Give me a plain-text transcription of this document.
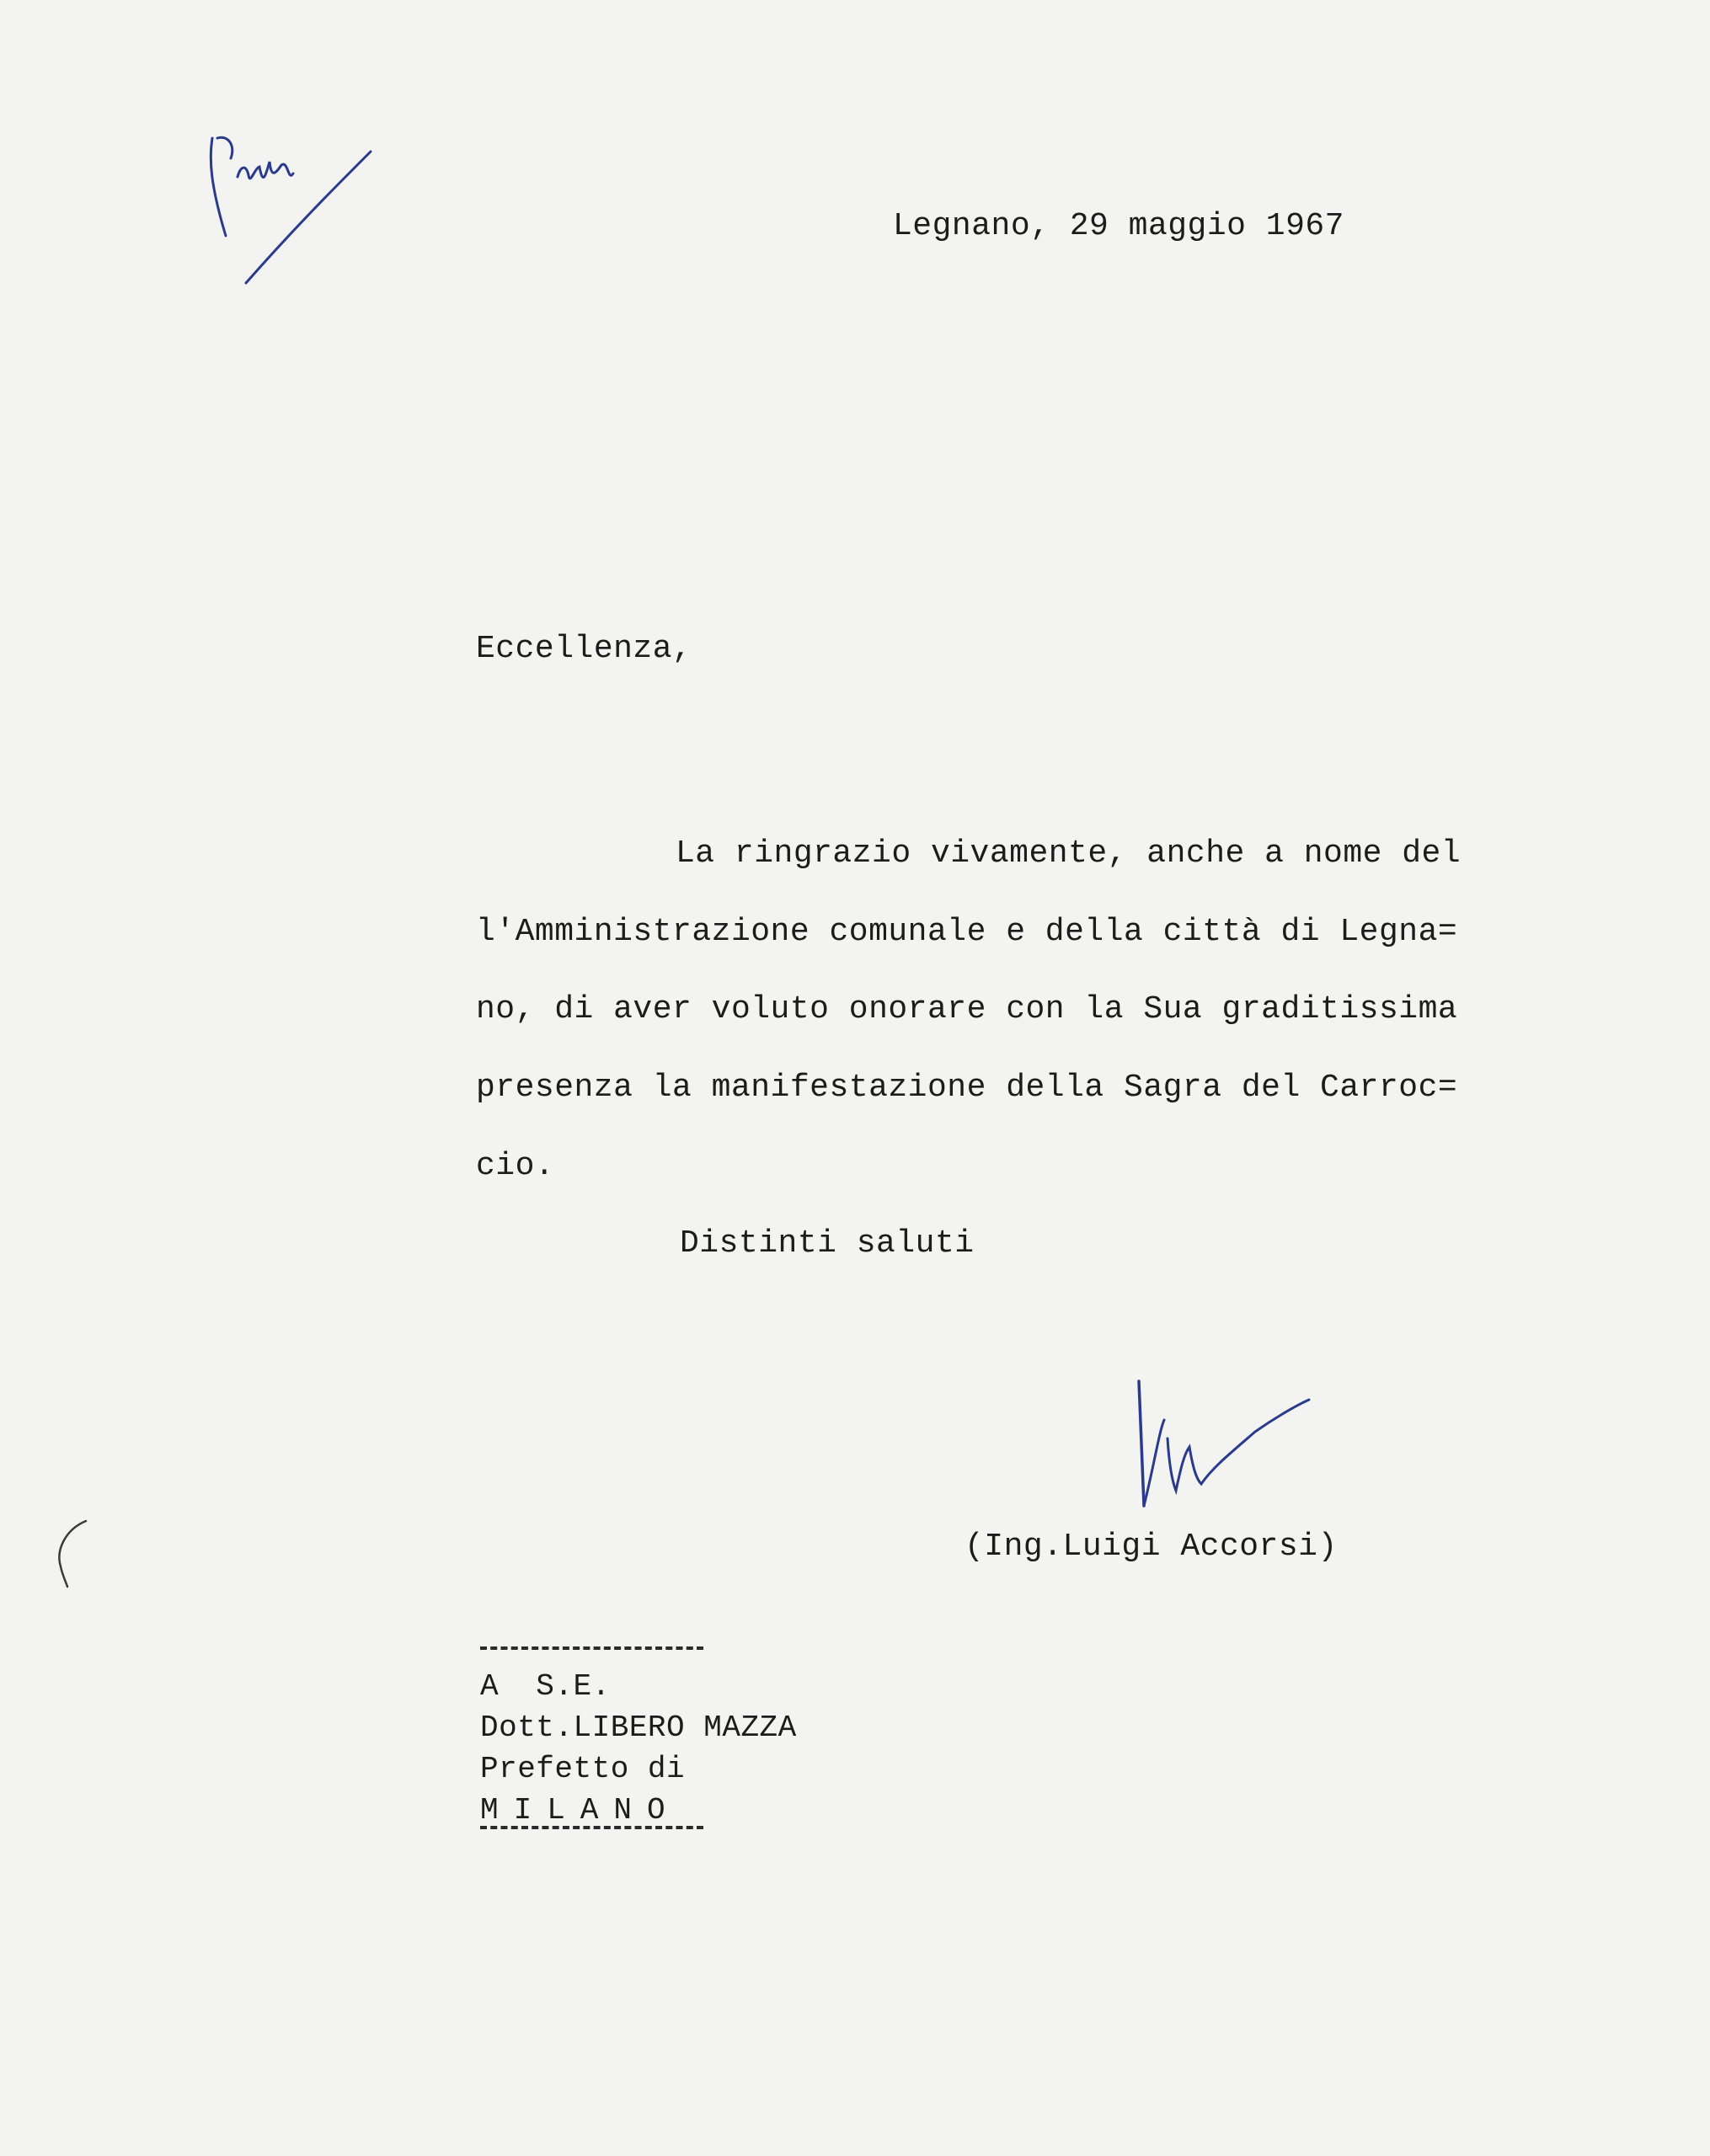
Legnano, 29 maggio 1967
Eccellenza,
La ringrazio vivamente, anche a nome del
l'Amministrazione comunale e della città di Legna=
no, di aver voluto onorare con la Sua graditissima
presenza la manifestazione della Sagra del Carroc=
cio.
Distinti saluti
(Ing.Luigi Accorsi)
A  S.E.
Dott.LIBERO MAZZA
Prefetto di
MILANO
